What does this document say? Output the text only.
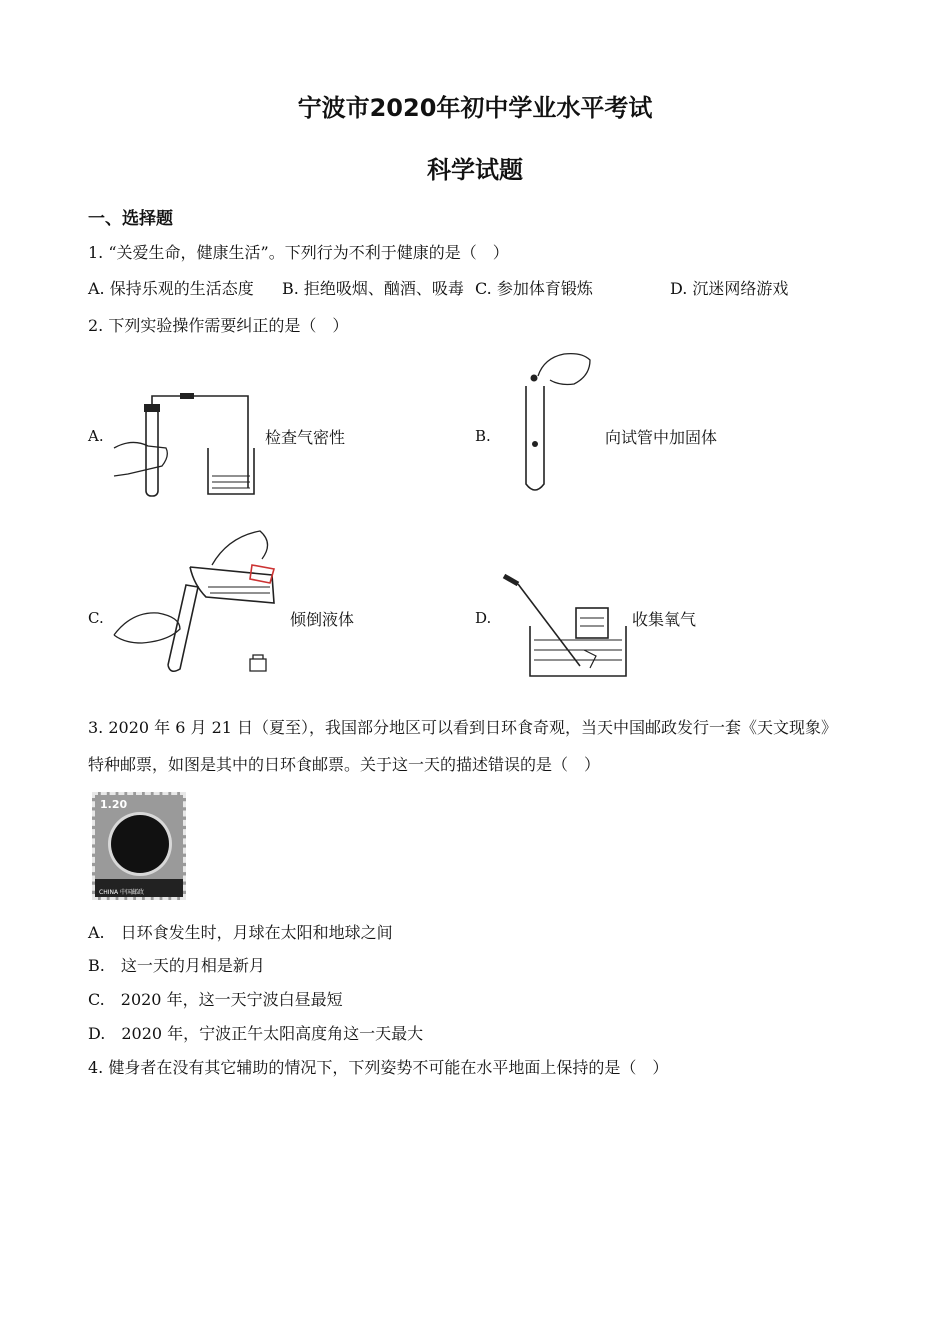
宁波市2020年初中学业水平考试
科学试题
一、选择题
1. “关爱生命，健康生活”。下列行为不利于健康的是（　）
A. 保持乐观的生活态度 B. 拒绝吸烟、酗酒、吸毒 C. 参加体育锻炼	D. 沉迷网络游戏
2. 下列实验操作需要纠正的是（　）
A.	检查气密性	B.	向试管中加固体
C.	倾倒液体	D.	收集氧气
3. 2020 年 6 月 21 日（夏至），我国部分地区可以看到日环食奇观，当天中国邮政发行一套《天文现象》
特种邮票，如图是其中的日环食邮票。关于这一天的描述错误的是（　）
1.20
CHINA 中国邮政
A.　日环食发生时，月球在太阳和地球之间
B.　这一天的月相是新月
C.　2020 年，这一天宁波白昼最短
D.　2020 年，宁波正午太阳高度角这一天最大
4. 健身者在没有其它辅助的情况下，下列姿势不可能在水平地面上保持的是（　）
